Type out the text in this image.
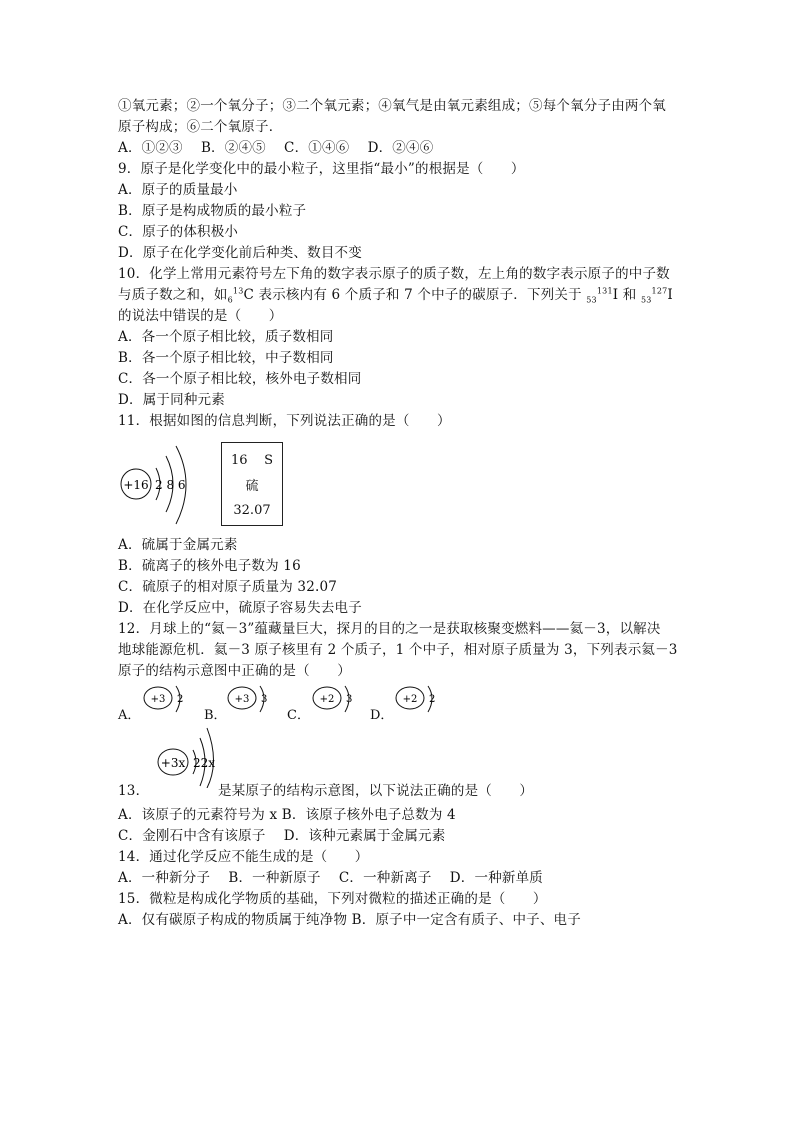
①氧元素；②一个氧分子；③二个氧元素；④氧气是由氧元素组成；⑤每个氧分子由两个氧
原子构成；⑥二个氧原子．
A．①②③　 B．②④⑤　 C．①④⑥　 D．②④⑥
9．原子是化学变化中的最小粒子，这里指“最小”的根据是（　　）
A．原子的质量最小
B．原子是构成物质的最小粒子
C．原子的体积极小
D．原子在化学变化前后种类、数目不变
10．化学上常用元素符号左下角的数字表示原子的质子数，左上角的数字表示原子的中子数
与质子数之和，如$_6^{13}$C 表示核内有 6 个质子和 7 个中子的碳原子．下列关于 $_{53}^{131}$I 和 $_{53}^{127}$I
的说法中错误的是（　　）
A．各一个原子相比较，质子数相同
B．各一个原子相比较，中子数相同
C．各一个原子相比较，核外电子数相同
D．属于同种元素
11．根据如图的信息判断，下列说法正确的是（　　）
+16 2 8 6
16 S
硫
32.07
A．硫属于金属元素
B．硫离子的核外电子数为 16
C．硫原子的相对原子质量为 32.07
D．在化学反应中，硫原子容易失去电子
12．月球上的“氦－3”蕴藏量巨大，探月的目的之一是获取核聚变燃料——氦－3，以解决
地球能源危机．氦－3 原子核里有 2 个质子，1 个中子，相对原子质量为 3，下列表示氦－3
原子的结构示意图中正确的是（　　）
A．
+3 2
B．
+3 3
C．
+2 3
D．
+2 2
+3x 22x
13．	是某原子的结构示意图，以下说法正确的是（　　）
A．该原子的元素符号为 x B．该原子核外电子总数为 4
C．金刚石中含有该原子　 D．该种元素属于金属元素
14．通过化学反应不能生成的是（　　）
A．一种新分子　 B．一种新原子　 C．一种新离子　 D．一种新单质
15．微粒是构成化学物质的基础，下列对微粒的描述正确的是（　　）
A．仅有碳原子构成的物质属于纯净物 B．原子中一定含有质子、中子、电子
